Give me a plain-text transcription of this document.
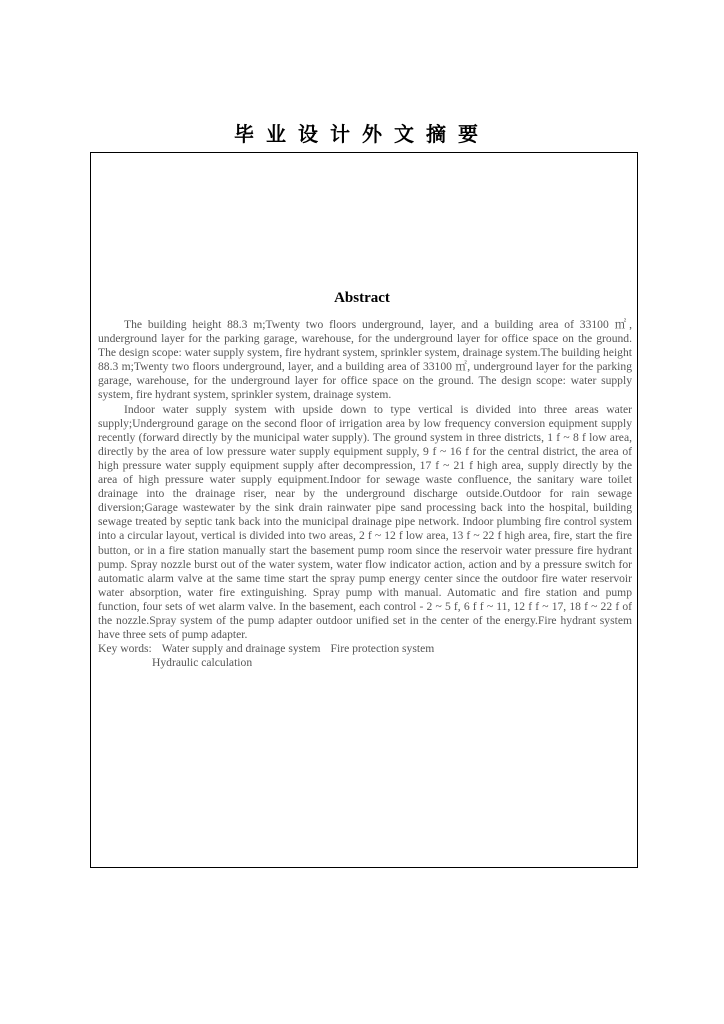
毕业设计外文摘要
Abstract

The building height 88.3 m;Twenty two floors underground, layer, and a building area of 33100 ㎡, underground layer for the parking garage, warehouse, for the underground layer for office space on the ground. The design scope: water supply system, fire hydrant system, sprinkler system, drainage system.The building height 88.3 m;Twenty two floors underground, layer, and a building area of 33100 ㎡, underground layer for the parking garage, warehouse, for the underground layer for office space on the ground. The design scope: water supply system, fire hydrant system, sprinkler system, drainage system.

Indoor water supply system with upside down to type vertical is divided into three areas water supply;Underground garage on the second floor of irrigation area by low frequency conversion equipment supply recently (forward directly by the municipal water supply). The ground system in three districts, 1 f ~ 8 f low area, directly by the area of low pressure water supply equipment supply, 9 f ~ 16 f for the central district, the area of high pressure water supply equipment supply after decompression, 17 f ~ 21 f high area, supply directly by the area of high pressure water supply equipment.Indoor for sewage waste confluence, the sanitary ware toilet drainage into the drainage riser, near by the underground discharge outside.Outdoor for rain sewage diversion;Garage wastewater by the sink drain rainwater pipe sand processing back into the hospital, building sewage treated by septic tank back into the municipal drainage pipe network. Indoor plumbing fire control system into a circular layout, vertical is divided into two areas, 2 f ~ 12 f low area, 13 f ~ 22 f high area, fire, start the fire button, or in a fire station manually start the basement pump room since the reservoir water pressure fire hydrant pump. Spray nozzle burst out of the water system, water flow indicator action, action and by a pressure switch for automatic alarm valve at the same time start the spray pump energy center since the outdoor fire water reservoir water absorption, water fire extinguishing. Spray pump with manual. Automatic and fire station and pump function, four sets of wet alarm valve. In the basement, each control - 2 ~ 5 f, 6 f f ~ 11, 12 f f ~ 17, 18 f ~ 22 f of the nozzle.Spray system of the pump adapter outdoor unified set in the center of the energy.Fire hydrant system have three sets of pump adapter.

Key words: Water supply and drainage system Fire protection system
Hydraulic calculation
